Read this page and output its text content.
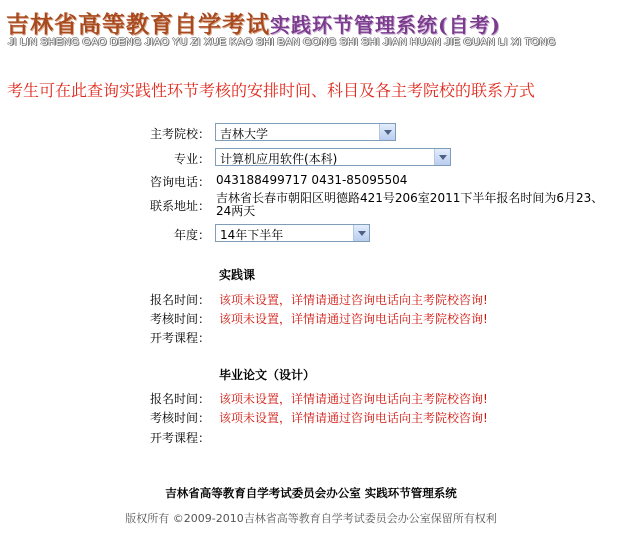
吉林省高等教育自学考试实践环节管理系统(自考)
JI LIN SHENG GAO DENG JIAO YU ZI XUE KAO SHI BAN GONG SHI SHI JIAN HUAN JIE GUAN LI XI TONG
考生可在此查询实践性环节考核的安排时间、科目及各主考院校的联系方式
主考院校： 吉林大学
专业： 计算机应用软件(本科)
咨询电话： 043188499717 0431-85095504
联系地址：
吉林省长春市朝阳区明德路421号206室2011下半年报名时间为6月23、24两天
年度： 14年下半年
实践课
报名时间： 该项未设置，详情请通过咨询电话向主考院校咨询!
考核时间： 该项未设置，详情请通过咨询电话向主考院校咨询!
开考课程：
毕业论文（设计）
报名时间： 该项未设置，详情请通过咨询电话向主考院校咨询!
考核时间： 该项未设置，详情请通过咨询电话向主考院校咨询!
开考课程：
吉林省高等教育自学考试委员会办公室 实践环节管理系统
版权所有 ©2009-2010吉林省高等教育自学考试委员会办公室保留所有权利
